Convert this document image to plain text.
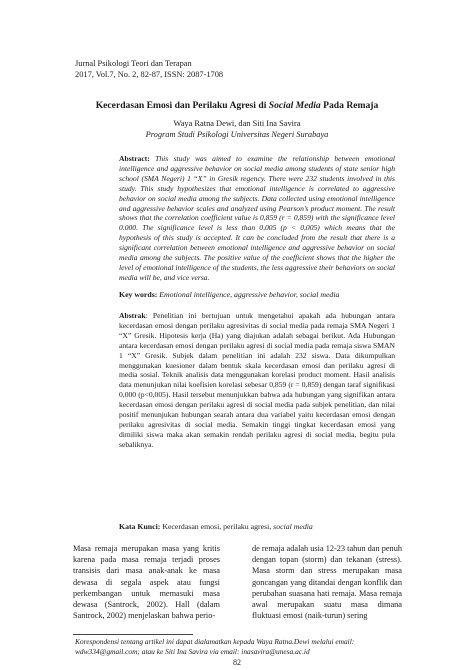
Jurnal Psikologi Teori dan Terapan
2017, Vol.7, No. 2, 82-87, ISSN: 2087-1708
Kecerdasan Emosi dan Perilaku Agresi di Social Media Pada Remaja
Waya Ratna Dewi, dan Siti Ina Savira
Program Studi Psikologi Universitas Negeri Surabaya
Abstract: This study was aimed to examine the relationship between emotional intelligence and aggressive behavior on social media among students of state senior high school (SMA Negeri) 1 “X” in Gresik regency. There were 232 students involved in this study. This study hypothesizes that emotional intelligence is correlated to aggressive behavior on social media among the subjects. Data collected using emotional intelligence and aggressive behavior scales and analyzed using Pearson’s product moment. The result shows that the correlation coefficient value is 0,859 (r = 0,859) with the significance level 0.000. The significance level is less than 0,005 (p < 0,005) which means that the hypothesis of this study is accepted. It can be concluded from the result that there is a significant correlation between emotional intelligence and aggressive behavior on social media among the subjects. The positive value of the coefficient shows that the higher the level of emotional intelligence of the students, the less aggressive their behaviors on social media will be, and vice versa.
Key words: Emotional intelligence, aggressive behavior, social media
Abstrak: Penelitian ini bertujuan untuk mengetahui apakah ada hubungan antara kecerdasan emosi dengan perilaku agresivitas di social media pada remaja SMA Negeri 1 “X” Gresik. Hipotesis kerja (Ha) yang diajukan adalah sebagai berikut. Ada Hubungan antara kecerdasan emosi dengan perilaku agresi di social media pada remaja siswa SMAN 1 “X” Gresik. Subjek dalam penelitian ini adalah 232 siswa. Data dikumpulkan menggunakan kuesioner dalam bentuk skala kecerdasan emosi dan perilaku agresi di media sosial. Teknik analisis data menggunakan korelasi product moment. Hasil analisis data menunjukan nilai koefisien korelasi sebesar 0,859 (r = 0,859) dengan taraf signifikasi 0,000 (p<0,005). Hasil tersebut menunjukkan bahwa ada hubungan yang signifikan antara kecerdasan emosi dengan perilaku agresi di social media pada subjek penelitian, dan nilai positif menunjukan hubungan searah antara dua variabel yaitu kecerdasan emosi dengan perilaku agresivitas di social media. Semakin tinggi tingkat kecerdasan emosi yang dimiliki siswa maka akan semakin rendah perilaku agresi di social media, begitu pula sebaliknya.
Kata Kunci: Kecerdasan emosi, perilaku agresi, social media
Masa remaja merupakan masa yang kritis karena pada masa remaja terjadi proses transisis dari masa anak-anak ke masa dewasa di segala aspek atau fungsi perkembangan untuk memasuki masa dewasa (Santrock, 2002). Hall (dalam Santrock, 2002) menjelaskan bahwa perio-
de remaja adalah usia 12-23 tahun dan penuh dengan topan (storm) dan tekanan (stress). Masa storm dan stress merupakan masa goncangan yang ditandai dengan konflik dan perubahan suasana hati remaja. Masa remaja awal merupakan suatu masa dimana fluktuasi emosi (naik-turun) sering
Korespondensi tentang artikel ini dapat dialamatkan kepada Waya Ratna.Dewi melalui email: wdw334@gmail.com; atau ke Siti Ina Savira via email: inasavira@unesa.ac.id
82
